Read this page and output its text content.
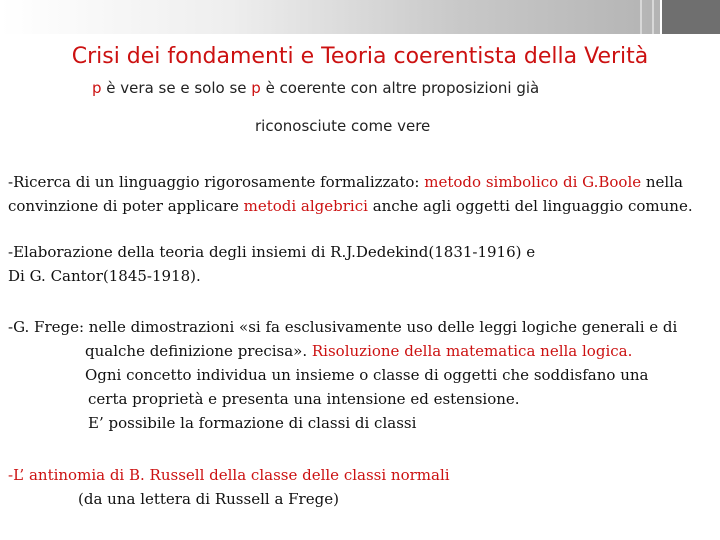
Crisi dei fondamenti e Teoria coerentista della Verità
p è vera se e solo se p è coerente con altre proposizioni già
riconosciute come vere

-Ricerca di un linguaggio rigorosamente formalizzato: metodo simbolico di G.Boole nella

convinzione di poter applicare metodi algebrici anche agli oggetti del linguaggio comune.

-Elaborazione della teoria degli insiemi di R.J.Dedekind(1831-1916) e

Di G. Cantor(1845-1918).

-G. Frege: nelle dimostrazioni «si fa esclusivamente uso delle leggi logiche generali e di

qualche definizione precisa». Risoluzione della matematica nella logica.

Ogni concetto individua un insieme o classe di oggetti che soddisfano una

certa proprietà e presenta una intensione ed estensione.

E’ possibile la formazione di classi di classi

-L’ antinomia di B. Russell della classe delle classi normali

(da una lettera di Russell a Frege)
